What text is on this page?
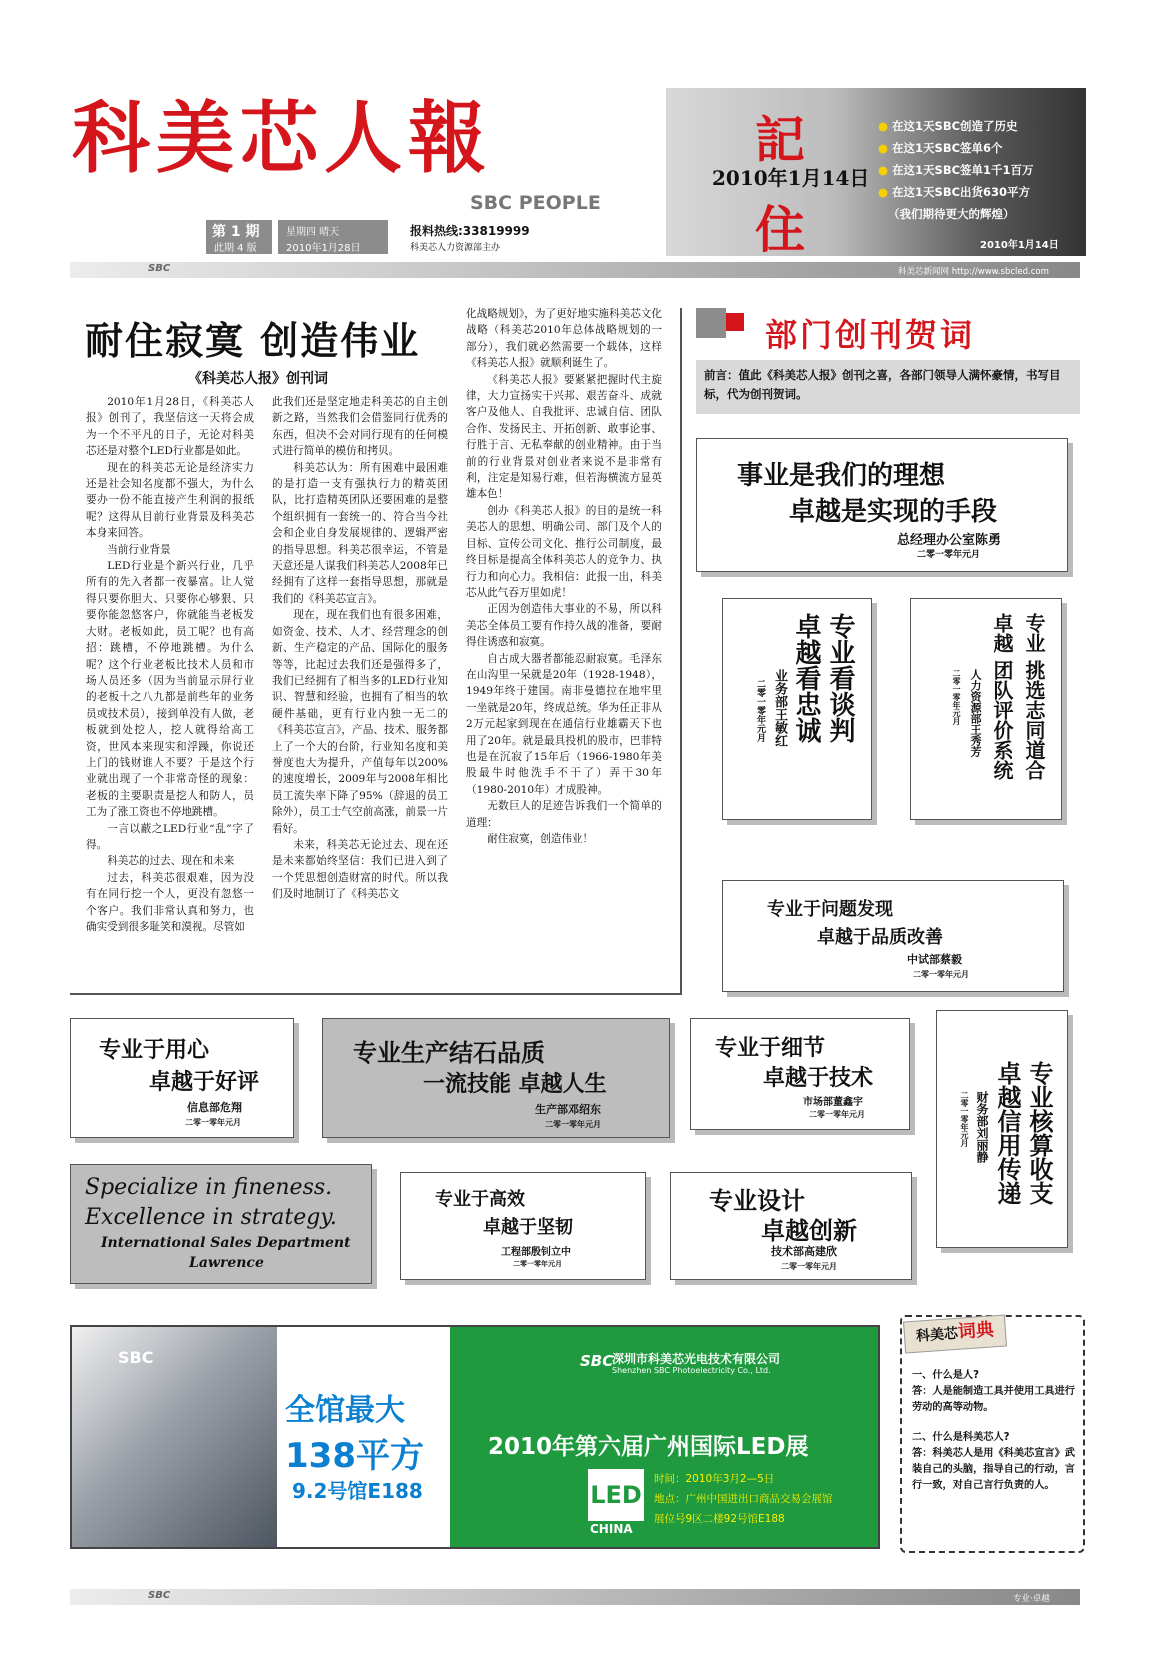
科美芯人報
SBC PEOPLE
第 1 期
此期 4 版
星期四 晴天
2010年1月28日
报料热线:33819999
科美芯人力资源部主办
記
住
2010年1月14日
● 在这1天SBC创造了历史
● 在这1天SBC签单6个
● 在这1天SBC签单1千1百万
● 在这1天SBC出货630平方
（我们期待更大的辉煌）
2010年1月14日
SBC	科美芯新闻网 http://www.sbcled.com
耐住寂寞 创造伟业
《科美芯人报》创刊词

2010年1月28日，《科美芯人报》创刊了，我坚信这一天将会成为一个不平凡的日子，无论对科美芯还是对整个LED行业都是如此。

现在的科美芯无论是经济实力还是社会知名度都不强大，为什么要办一份不能直接产生利润的报纸呢？这得从目前行业背景及科美芯本身来回答。

当前行业背景

LED行业是个新兴行业，几乎所有的先入者都一夜暴富。让人觉得只要你胆大、只要你心够狠、只要你能忽悠客户，你就能当老板发大财。老板如此，员工呢？也有高招：跳槽，不停地跳槽。为什么呢？这个行业老板比技术人员和市场人员还多（因为当前显示屏行业的老板十之八九都是前些年的业务员或技术员），接到单没有人做，老板就到处挖人，挖人就得给高工资，世风本来现实和浮躁，你说还上门的钱财谁人不要？于是这个行业就出现了一个非常奇怪的现象：老板的主要职责是挖人和防人，员工为了涨工资也不停地跳槽。

一言以蔽之LED行业“乱”字了得。

科美芯的过去、现在和未来

过去，科美芯很艰难，因为没有在同行挖一个人，更没有忽悠一个客户。我们非常认真和努力，也确实受到很多耻笑和漠视。尽管如

此我们还是坚定地走科美芯的自主创新之路，当然我们会借鉴同行优秀的东西，但决不会对同行现有的任何模式进行简单的模仿和拷贝。

科美芯认为：所有困难中最困难的是打造一支有强执行力的精英团队，比打造精英团队还要困难的是整个组织拥有一套统一的、符合当今社会和企业自身发展规律的、逻辑严密的指导思想。科美芯很幸运，不管是天意还是人谋我们科美芯人2008年已经拥有了这样一套指导思想，那就是我们的《科美芯宣言》。

现在，现在我们也有很多困难，如资金、技术、人才、经营理念的创新、生产稳定的产品、国际化的服务等等，比起过去我们还是强得多了，我们已经拥有了相当多的LED行业知识、智慧和经验，也拥有了相当的软硬件基础，更有行业内独一无二的《科美芯宣言》，产品、技术、服务都上了一个大的台阶，行业知名度和美誉度也大为提升，产值每年以200%的速度增长，2009年与2008年相比员工流失率下降了95%（辞退的员工除外），员工士气空前高涨，前景一片看好。

未来，科美芯无论过去、现在还是未来都始终坚信：我们已进入到了一个凭思想创造财富的时代。所以我们及时地制订了《科美芯文

化战略规划》，为了更好地实施科美芯文化战略（科美芯2010年总体战略规划的一部分），我们就必然需要一个载体，这样《科美芯人报》就顺利诞生了。

《科美芯人报》要紧紧把握时代主旋律，大力宣扬实干兴邦、艰苦奋斗、成就客户及他人、自我批评、忠诚自信、团队合作、发扬民主、开拓创新、敢事论事、行胜于言、无私奉献的创业精神。由于当前的行业背景对创业者来说不是非常有利，注定是知易行难，但若海横流方显英雄本色！

创办《科美芯人报》的目的是统一科美芯人的思想、明确公司、部门及个人的目标、宣传公司文化、推行公司制度，最终目标是提高全体科美芯人的竞争力、执行力和向心力。我相信：此报一出，科美芯从此气吞万里如虎！

正因为创造伟大事业的不易，所以科美芯全体员工要有作持久战的准备，要耐得住诱惑和寂寞。

自古成大器者都能忍耐寂寞。毛泽东在山沟里一呆就是20年（1928-1948），1949年终于建国。南非曼德拉在地牢里一坐就是20年，终成总统。华为任正非从2万元起家到现在在通信行业雄霸天下也用了20年。就是最具投机的股市，巴菲特也是在沉寂了15年后（1966-1980年美股最牛时他洗手不干了）弄干30年（1980-2010年）才成股神。

无数巨人的足迹告诉我们一个简单的道理：

耐住寂寞，创造伟业！

部门创刊贺词
前言：值此《科美芯人报》创刊之喜，各部门领导人满怀豪情，书写目标，代为创刊贺词。
事业是我们的理想
卓越是实现的手段
总经理办公室陈勇
二零一零年元月
专业看谈判
卓越看忠诚
业务部王敏红
二零一零年元月	专业 挑选志同道合
卓越 团队评价系统
人力资源部王秀芳
二零一零年元月
专业于问题发现
卓越于品质改善
中试部蔡毅
二零一零年元月
专业于用心
卓越于好评
信息部危翔
二零一零年元月
专业生产结石品质
一流技能 卓越人生
生产部邓绍东
二零一零年元月
专业于细节
卓越于技术
市场部董鑫宇
二零一零年元月	专业核算收支
卓越信用传递
财务部刘丽静
二零一零年元月
Specialize in fineness.
Excellence in strategy.
International Sales Department
Lawrence
专业于高效
卓越于坚韧
工程部殷钊立中
二零一零年元月
专业设计
卓越创新
技术部高建欣
二零一零年元月
SBC
全馆最大
138平方
9.2号馆E188
SBC
深圳市科美芯光电技术有限公司
Shenzhen SBC Photoelectricity Co., Ltd.
2010年第六届广州国际LED展
LED
CHINA
时间：2010年3月2—5日
地点：广州中国进出口商品交易会展馆
展位号9区二楼92号馆E188
科美芯词典
一、什么是人?
答：人是能制造工具并使用工具进行劳动的高等动物。
二、什么是科美芯人?
答：科美芯人是用《科美芯宣言》武装自己的头脑，指导自己的行动，言行一致，对自己言行负责的人。
SBC	专业·卓越
